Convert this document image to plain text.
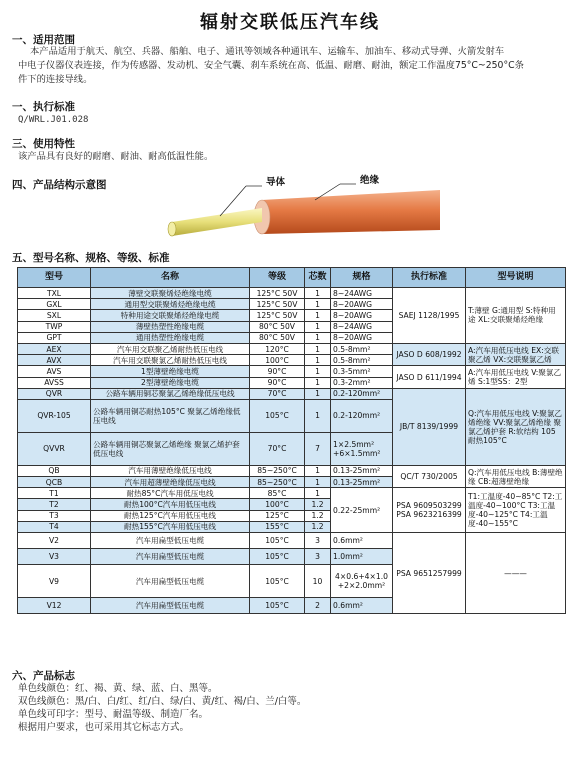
辐射交联低压汽车线
一、适用范围
本产品适用于航天、航空、兵器、船舶、电子、通讯等领域各种通讯车、运输车、加油车、移动式导弹、火箭发射车
中电子仪器仪表连接，作为传感器、发动机、安全气囊、刹车系统在高、低温、耐磨、耐油，额定工作温度75°C~250°C条
件下的连接导线。
一、执行标准
Q/WRL.J01.028
三、使用特性
该产品具有良好的耐磨、耐油、耐高低温性能。
四、产品结构示意图	导体	绝缘
五、型号名称、规格、等级、标准
型号	名称	等级	芯数	规格	执行标准	型号说明
TXL	薄壁交联聚烯烃绝缘电缆	125°C 50V	1	8~24AWG	SAEJ 1128/1995	T:薄壁 G:通用型 S:特种用途 XL:交联聚烯烃绝缘
GXL	通用型交联聚烯烃绝缘电缆	125°C 50V	1	8~20AWG		
SXL	特种用途交联聚烯烃绝缘电缆	125°C 50V	1	8~20AWG		
TWP	薄壁热塑性绝缘电缆	80°C 50V	1	8~24AWG		
GPT	通用热塑性绝缘电缆	80°C 50V	1	8~20AWG		
AEX	汽车用交联聚乙烯耐热低压电线	120°C	1	0.5-8mm²	JASO D 608/1992	A:汽车用低压电线 EX:交联聚乙烯 VX:交联聚氯乙烯
AVX	汽车用交联聚氯乙烯耐热低压电线	100°C	1	0.5-8mm²		
AVS	1型薄壁绝缘电缆	90°C	1	0.3-5mm²	JASO D 611/1994	A:汽车用低压电线 V:聚氯乙烯 S:1型SS：2型
AVSS	2型薄壁绝缘电缆	90°C	1	0.3-2mm²		
QVR	公路车辆用铜芯聚氯乙烯绝缘低压电线	70°C	1	0.2-120mm²	JB/T 8139/1999	Q:汽车用低压电线 V:聚氯乙烯绝缘 VV:聚氯乙烯绝缘 聚氯乙烯护套 R:软结构 105耐热105°C
QVR-105	公路车辆用铜芯耐热105°C 聚氯乙烯绝缘低压电线	105°C	1	0.2-120mm²		
QVVR	公路车辆用铜芯聚氯乙烯绝缘 聚氯乙烯护套低压电线	70°C	7	1×2.5mm² +6×1.5mm²		
QB	汽车用薄壁绝缘低压电线	85~250°C	1	0.13-25mm²	QC/T 730/2005	Q:汽车用低压电线 B:薄壁绝缘 CB:超薄壁绝缘
QCB	汽车用超薄壁绝缘低压电线	85~250°C	1	0.13-25mm²		
T1	耐热85°C汽车用低压电线	85°C	1	0.22-25mm²	PSA 9609503299 PSA 9623216399	T1:工温度-40~85°C T2:工温度-40~100°C T3:工温度-40~125°C T4:工温度-40~155°C
T2	耐热100°C汽车用低压电线	100°C	1.2			
T3	耐热125°C汽车用低压电线	125°C	1.2			
T4	耐热155°C汽车用低压电线	155°C	1.2			
V2	汽车用扁型低压电缆	105°C	3	0.6mm²	PSA 9651257999	———
V3	汽车用扁型低压电缆	105°C	3	1.0mm²		
V9	汽车用扁型低压电缆	105°C	10	4×0.6+4×1.0 +2×2.0mm²		
V12	汽车用扁型低压电缆	105°C	2	0.6mm²		
六、产品标志
单色线颜色：红、褐、黄、绿、蓝、白、黑等。
双色线颜色：黑/白、白/红、红/白、绿/白、黄/红、褐/白、兰/白等。
单色线可印字：型号、耐温等级、制造厂名。
根据用户要求，也可采用其它标志方式。
